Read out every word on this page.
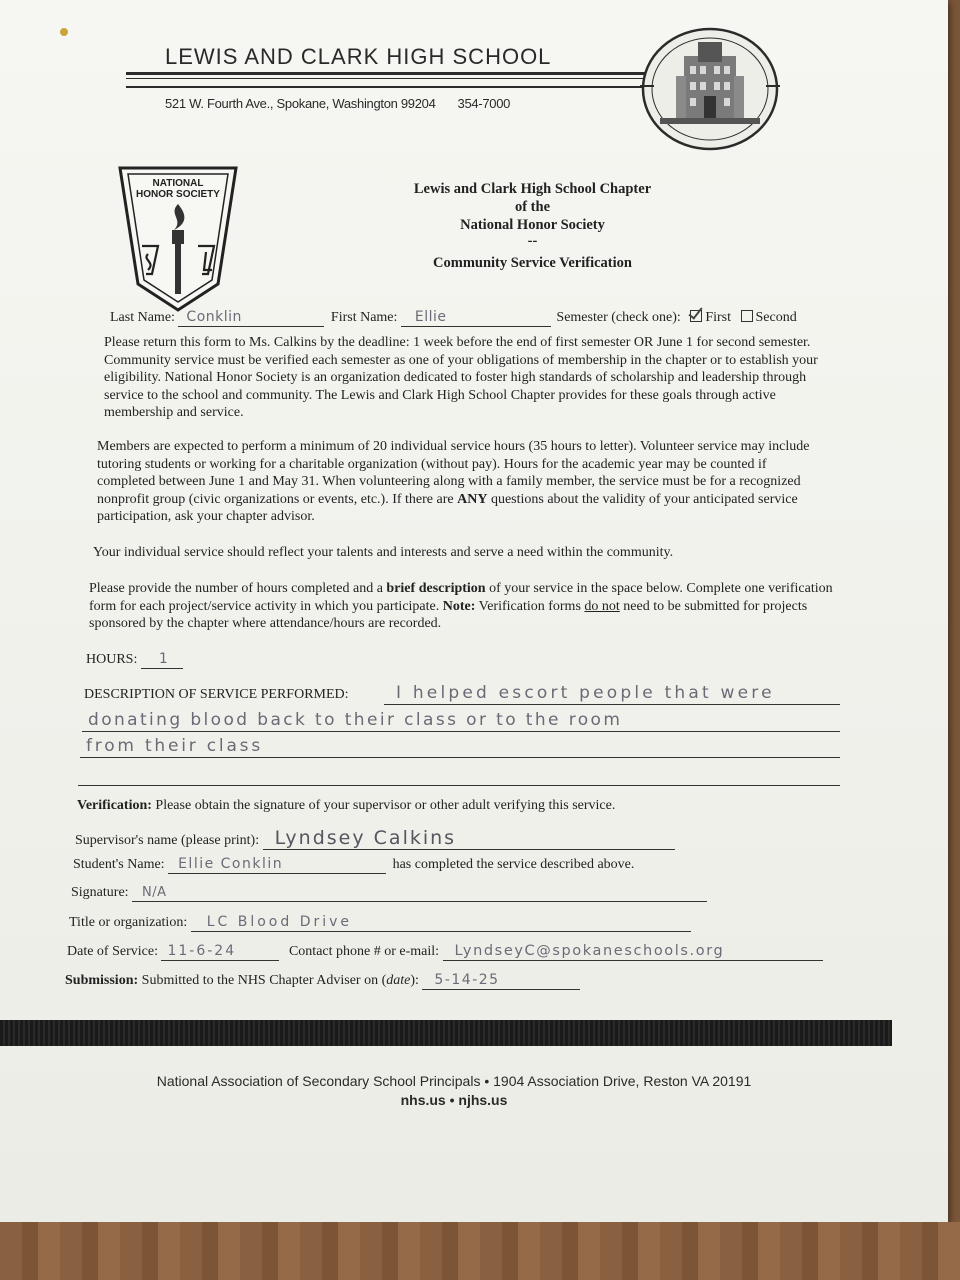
LEWIS AND CLARK HIGH SCHOOL
521 W. Fourth Ave., Spokane, Washington 99204 354-7000
NATIONAL
HONOR SOCIETY	Lewis and Clark High School Chapter
of the
National Honor Society
--
Community Service Verification
Last Name: Conklin	First Name: Ellie	Semester (check one): First Second
Please return this form to Ms. Calkins by the deadline: 1 week before the end of first semester OR June 1 for second semester. Community service must be verified each semester as one of your obligations of membership in the chapter or to establish your eligibility. National Honor Society is an organization dedicated to foster high standards of scholarship and leadership through service to the school and community. The Lewis and Clark High School Chapter provides for these goals through active membership and service.
Members are expected to perform a minimum of 20 individual service hours (35 hours to letter). Volunteer service may include tutoring students or working for a charitable organization (without pay). Hours for the academic year may be counted if completed between June 1 and May 31. When volunteering along with a family member, the service must be for a recognized nonprofit group (civic organizations or events, etc.). If there are ANY questions about the validity of your anticipated service participation, ask your chapter advisor.
Your individual service should reflect your talents and interests and serve a need within the community.
Please provide the number of hours completed and a brief description of your service in the space below. Complete one verification form for each project/service activity in which you participate. Note: Verification forms do not need to be submitted for projects sponsored by the chapter where attendance/hours are recorded.
HOURS: 1
DESCRIPTION OF SERVICE PERFORMED:	I helped escort people that were
donating blood back to their class or to the room
from their class
Verification: Please obtain the signature of your supervisor or other adult verifying this service.
Supervisor's name (please print): Lyndsey Calkins
Student's Name: Ellie Conklin	has completed the service described above.
Signature: N/A
Title or organization: LC Blood Drive
Date of Service: 11-6-24	Contact phone # or e-mail: LyndseyC@spokaneschools.org
Submission: Submitted to the NHS Chapter Adviser on (date): 5-14-25
National Association of Secondary School Principals • 1904 Association Drive, Reston VA 20191
nhs.us • njhs.us
